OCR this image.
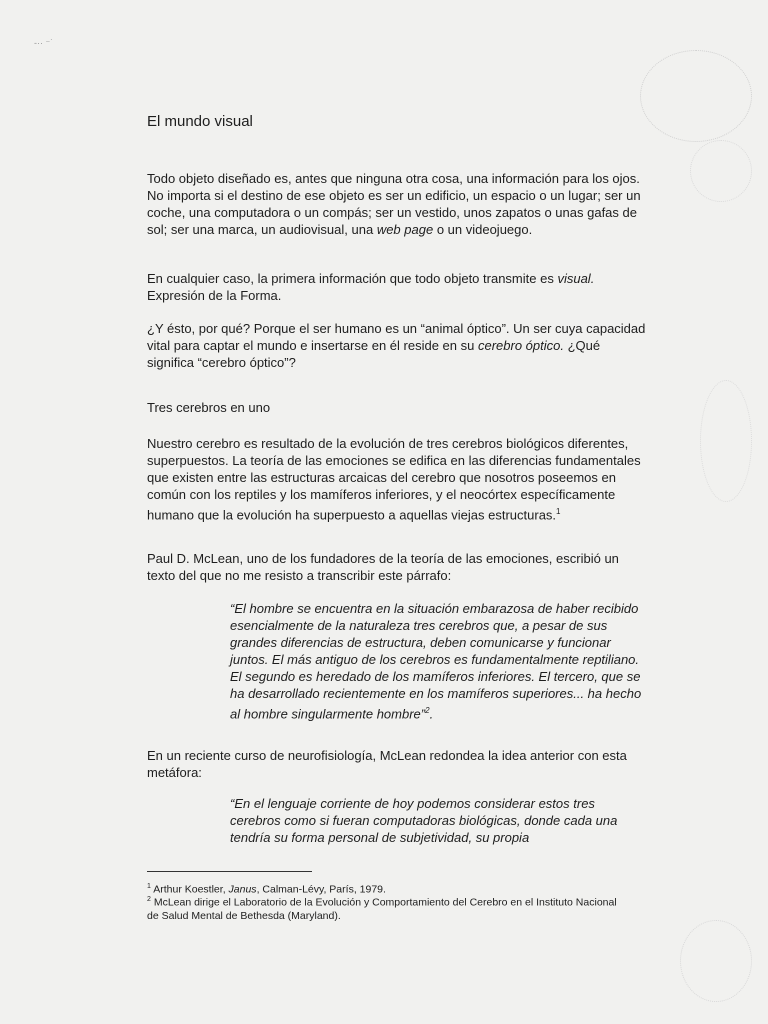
-·· ⁻˙
El mundo visual

Todo objeto diseñado es, antes que ninguna otra cosa, una información para los ojos. No importa si el destino de ese objeto es ser un edificio, un espacio o un lugar; ser un coche, una computadora o un compás; ser un vestido, unos zapatos o unas gafas de sol; ser una marca, un audiovisual, una web page o un videojuego.

En cualquier caso, la primera información que todo objeto transmite es visual. Expresión de la Forma.

¿Y ésto, por qué? Porque el ser humano es un “animal óptico”. Un ser cuya capacidad vital para captar el mundo e insertarse en él reside en su cerebro óptico. ¿Qué significa “cerebro óptico”?

Tres cerebros en uno

Nuestro cerebro es resultado de la evolución de tres cerebros biológicos diferentes, superpuestos. La teoría de las emociones se edifica en las diferencias fundamentales que existen entre las estructuras arcaicas del cerebro que nosotros poseemos en común con los reptiles y los mamíferos inferiores, y el neocórtex específicamente humano que la evolución ha superpuesto a aquellas viejas estructuras.$^1$

Paul D. McLean, uno de los fundadores de la teoría de las emociones, escribió un texto del que no me resisto a transcribir este párrafo:

“El hombre se encuentra en la situación embarazosa de haber recibido esencialmente de la naturaleza tres cerebros que, a pesar de sus grandes diferencias de estructura, deben comunicarse y funcionar juntos. El más antiguo de los cerebros es fundamentalmente reptiliano. El segundo es heredado de los mamíferos inferiores. El tercero, que se ha desarrollado recientemente en los mamíferos superiores... ha hecho al hombre singularmente hombre”$^2$.

En un reciente curso de neurofisiología, McLean redondea la idea anterior con esta metáfora:

“En el lenguaje corriente de hoy podemos considerar estos tres cerebros como si fueran computadoras biológicas, donde cada una tendría su forma personal de subjetividad, su propia

$^1$ Arthur Koestler, Janus, Calman-Lévy, París, 1979.

$^2$ McLean dirige el Laboratorio de la Evolución y Comportamiento del Cerebro en el Instituto Nacional de Salud Mental de Bethesda (Maryland).
